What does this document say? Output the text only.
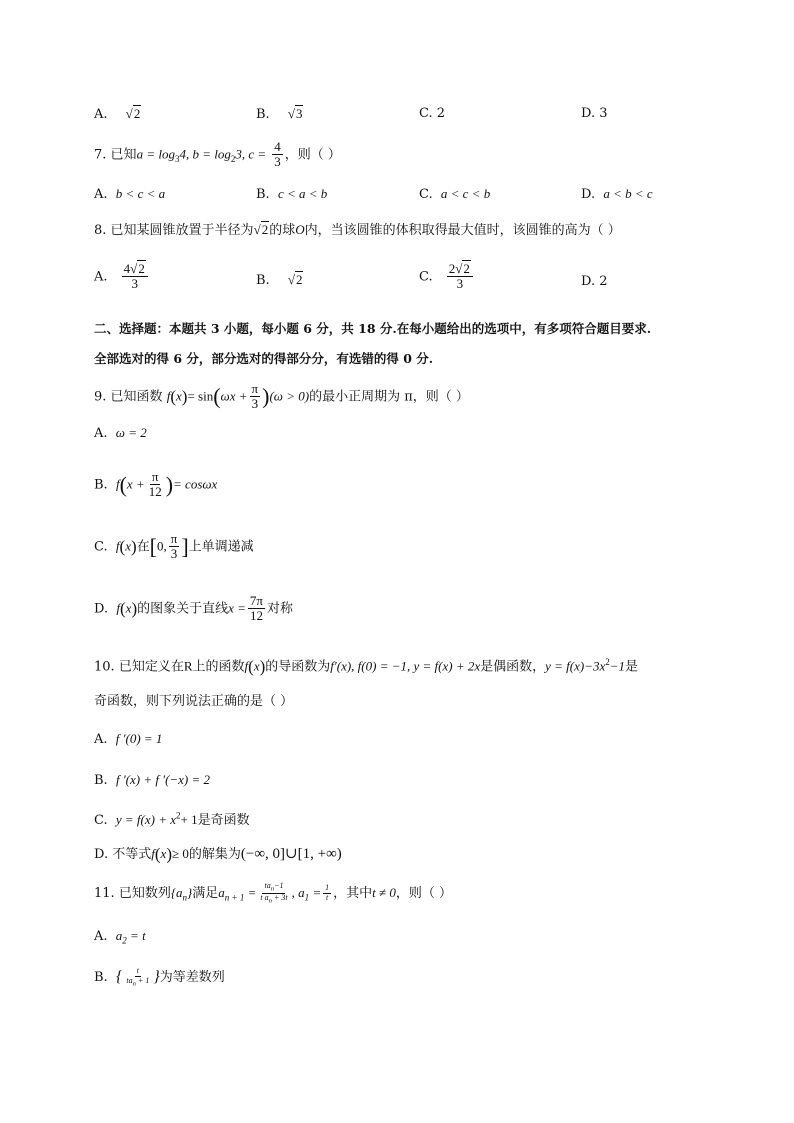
A. √2	B. √3	C. 2	D. 3
7. 已知$a = \log_34$, $b = \log_23$, $c = \frac{4}{3}$ ，则（ ）
A. b < c < a	B. c < a < b	C. a < c < b	D. a < b < c
8. 已知某圆锥放置于半径为√2的球O内，当该圆锥的体积取得最大值时，该圆锥的高为（ ）
A. $\frac{4√2}{3}$	B. √2	C. $\frac{2√2}{3}$	D. 2
二、选择题：本题共 3 小题，每小题 6 分，共 18 分.在每小题给出的选项中，有多项符合题目要求.
全部选对的得 6 分，部分选对的得部分分，有选错的得 0 分.
9. 已知函数 $f(x)= \sin(\omega x + \frac{\pi}{3} )(\omega > 0)$的最小正周期为 π，则（ ）
A. ω = 2
B. $f(x + \frac{\pi}{12}$ )= cosωx
C. f(x)在[0, $\frac{\pi}{3}$ ]上单调递减
D. f(x)的图象关于直线$x = \frac{7\pi}{12}$ 对称
10. 已知定义在R上的函数f(x)的导函数为f′(x), f(0) = −1, y = f(x) + 2x是偶函数，$y = f(x)-3x^2-1$是
奇函数，则下列说法正确的是（ ）
A. f ′(0) = 1
B. f ′(x) + f ′(−x) = 2
C. $y = f(x) + x^2+ 1$是奇函数
D. 不等式f(x)≥ 0的解集为(−∞, 0]∪[1, +∞)
11. 已知数列$\{a_n\}$满足$a_{n + 1} = \frac{ta_n-1}{t a_n + 3t}$ , $a_1 = \frac{1}{t}$ ，其中t ≠ 0，则（ ）
A. $a_2 = t$
B. { $\frac{t}{ta_n + 1}$ }为等差数列
